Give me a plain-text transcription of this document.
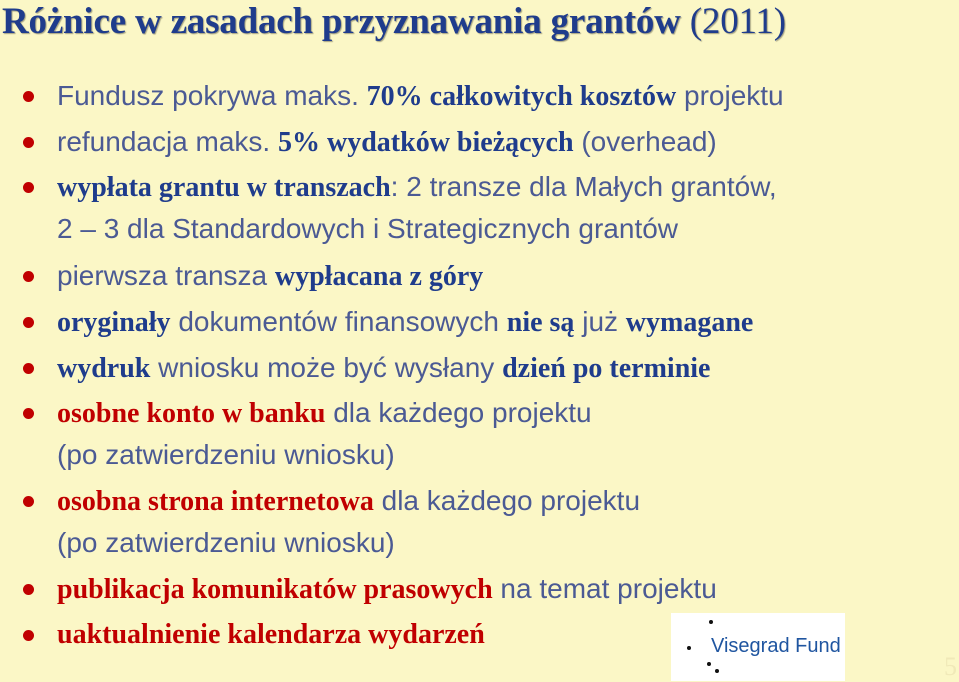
Różnice w zasadach przyznawania grantów (2011)
Fundusz pokrywa maks. 70% całkowitych kosztów projektu
refundacja maks. 5% wydatków bieżących (overhead)
wypłata grantu w transzach: 2 transze dla Małych grantów,
2 – 3 dla Standardowych i Strategicznych grantów
pierwsza transza wypłacana z góry
oryginały dokumentów finansowych nie są już wymagane
wydruk wniosku może być wysłany dzień po terminie
osobne konto w banku dla każdego projektu
(po zatwierdzeniu wniosku)
osobna strona internetowa dla każdego projektu
(po zatwierdzeniu wniosku)
publikacja komunikatów prasowych na temat projektu
uaktualnienie kalendarza wydarzeń	Visegrad Fund
5
